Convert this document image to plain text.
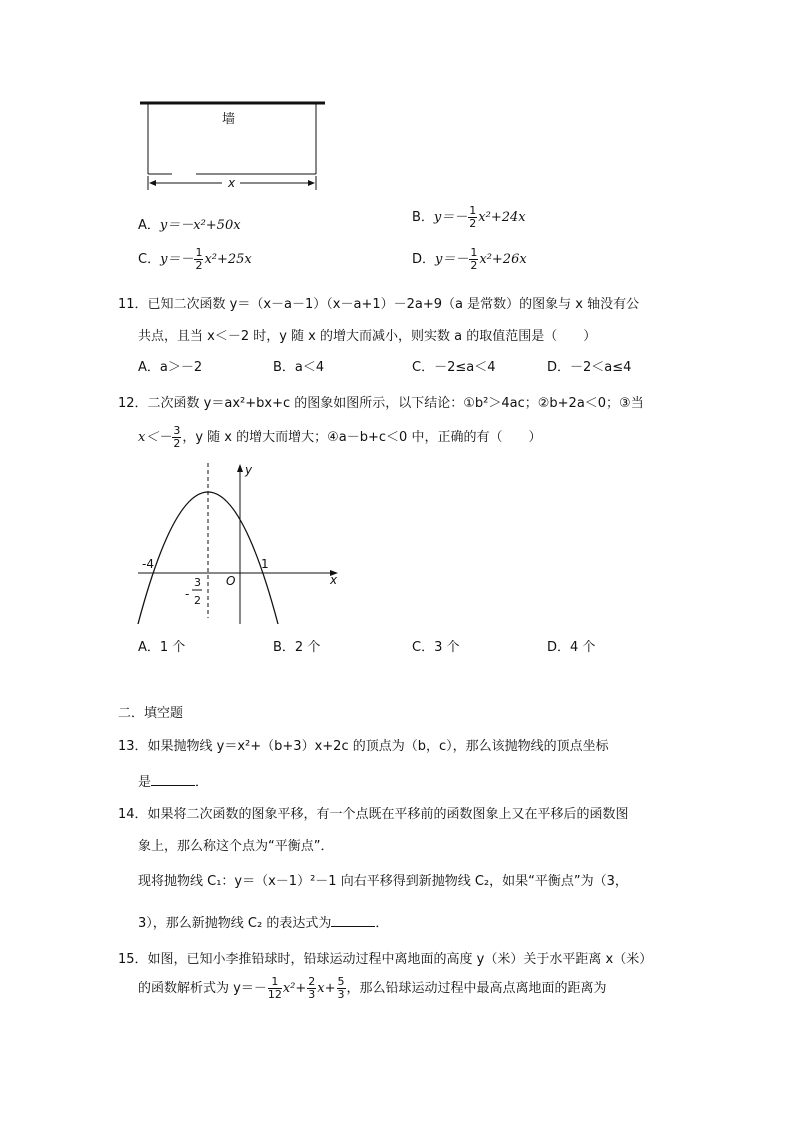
墙
x
A．y＝－x²+50x
B．$y=- \frac{1}{2} x^2+24x$
C．$y=- \frac{1}{2} x^2+25x$	D．$y=- \frac{1}{2} x^2+26x$
11．已知二次函数 y＝（x－a－1）（x－a+1）－2a+9（a 是常数）的图象与 x 轴没有公
共点，且当 x＜－2 时，y 随 x 的增大而减小，则实数 a 的取值范围是（　　）
A．a＞－2	B．a＜4	C．－2≤a＜4	D．－2＜a≤4
12．二次函数 y＝ax²+bx+c 的图象如图所示，以下结论：①b²＞4ac；②b+2a＜0；③当
$x<- \frac{3}{2}$ ，y 随 x 的增大而增大；④a－b+c＜0 中，正确的有（　　）
y
x
O
-4	1
-
3
2
A．1 个	B．2 个	C．3 个	D．4 个
二．填空题
13．如果抛物线 y＝x²+（b+3）x+2c 的顶点为（b，c），那么该抛物线的顶点坐标
是	．
14．如果将二次函数的图象平移，有一个点既在平移前的函数图象上又在平移后的函数图
象上，那么称这个点为“平衡点”．
现将抛物线 C₁：y＝（x－1）²－1 向右平移得到新抛物线 C₂，如果“平衡点”为（3，
3），那么新抛物线 C₂ 的表达式为	．
15．如图，已知小李推铅球时，铅球运动过程中离地面的高度 y（米）关于水平距离 x（米）
的函数解析式为 $y=- \frac{1}{12} x^2+ \frac{2}{3} x+ \frac{5}{3}$ ，那么铅球运动过程中最高点离地面的距离为
